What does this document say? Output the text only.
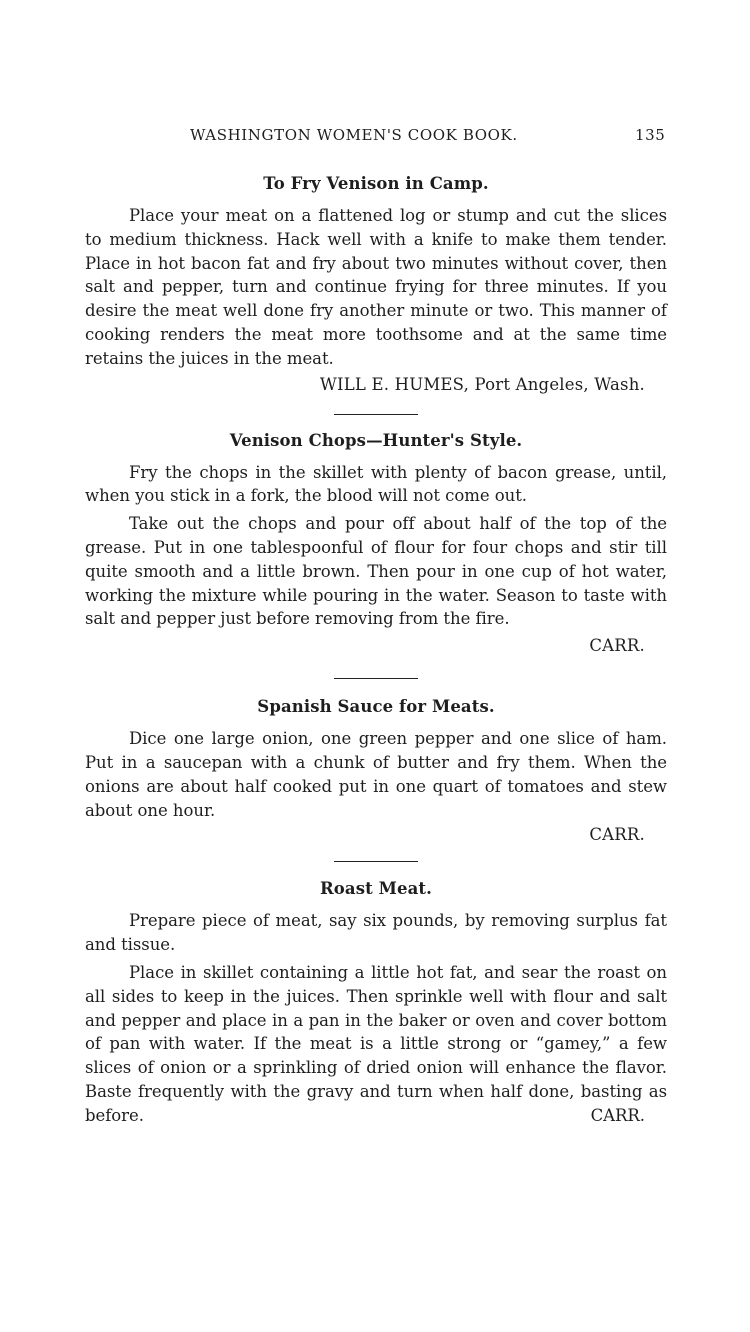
WASHINGTON WOMEN'S COOK BOOK.	135
To Fry Venison in Camp.

Place your meat on a flattened log or stump and cut the slices to medium thickness. Hack well with a knife to make them tender. Place in hot bacon fat and fry about two minutes without cover, then salt and pepper, turn and continue frying for three minutes. If you desire the meat well done fry another minute or two. This manner of cooking renders the meat more toothsome and at the same time retains the juices in the meat.

WILL E. HUMES, Port Angeles, Wash.
Venison Chops—Hunter's Style.

Fry the chops in the skillet with plenty of bacon grease, until, when you stick in a fork, the blood will not come out.

Take out the chops and pour off about half of the top of the grease. Put in one tablespoonful of flour for four chops and stir till quite smooth and a little brown. Then pour in one cup of hot water, working the mixture while pouring in the water. Season to taste with salt and pepper just before removing from the fire.

CARR.
Spanish Sauce for Meats.

Dice one large onion, one green pepper and one slice of ham. Put in a saucepan with a chunk of butter and fry them. When the onions are about half cooked put in one quart of tomatoes and stew about one hour.

CARR.
Roast Meat.

Prepare piece of meat, say six pounds, by removing surplus fat and tissue.

Place in skillet containing a little hot fat, and sear the roast on all sides to keep in the juices. Then sprinkle well with flour and salt and pepper and place in a pan in the baker or oven and cover bottom of pan with water. If the meat is a little strong or “gamey,” a few slices of onion or a sprinkling of dried onion will enhance the flavor. Baste frequently with the gravy and turn when half done, basting as before.	CARR.
